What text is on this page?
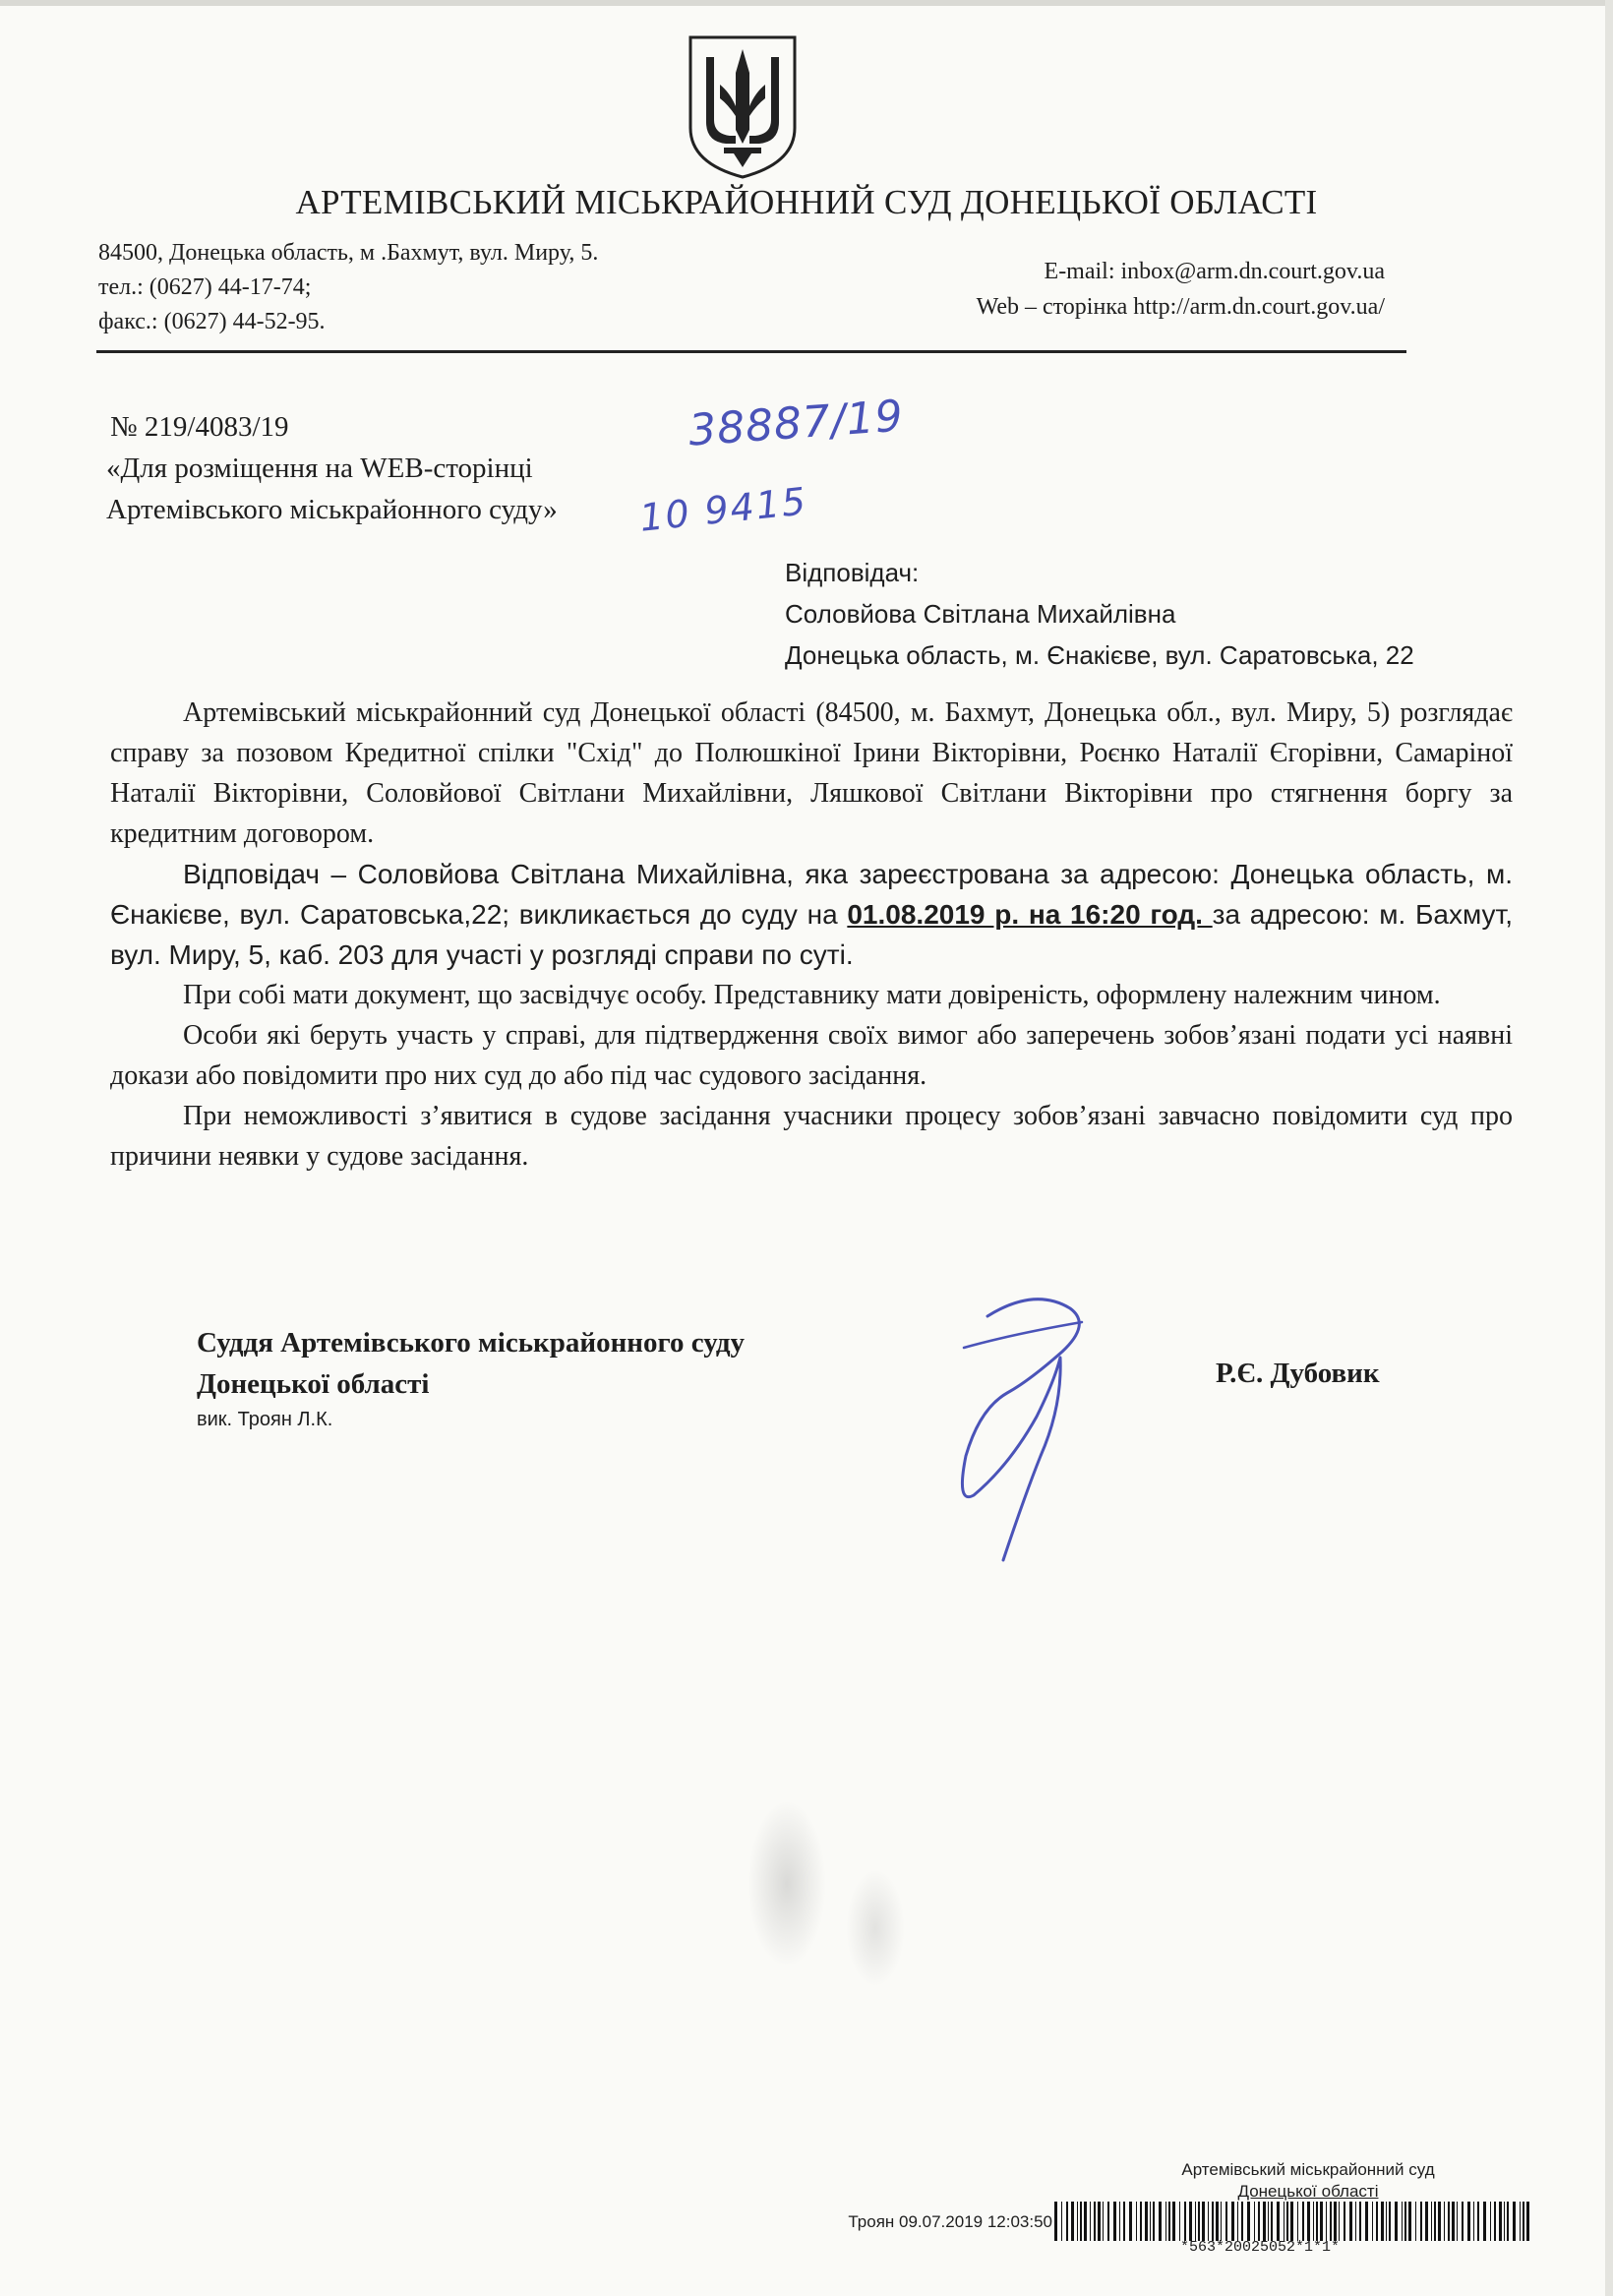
АРТЕМІВСЬКИЙ МІСЬКРАЙОННИЙ СУД ДОНЕЦЬКОЇ ОБЛАСТІ
84500, Донецька область, м .Бахмут, вул. Миру, 5.
тел.: (0627) 44-17-74;
факс.: (0627) 44-52-95.
E-mail: inbox@arm.dn.court.gov.ua
Web – сторінка http://arm.dn.court.gov.ua/
№ 219/4083/19
«Для розміщення на WEB-сторінці
Артемівського міськрайонного суду»
38887/19
10 9415
Відповідач:
Соловйова Світлана Михайлівна
Донецька область, м. Єнакієве, вул. Саратовська, 22

Артемівський міськрайонний суд Донецької області (84500, м. Бахмут, Донецька обл., вул. Миру, 5) розглядає справу за позовом Кредитної спілки "Схід" до Полюшкіної Ірини Вікторівни, Роєнко Наталії Єгорівни, Самаріної Наталії Вікторівни, Соловйової Світлани Михайлівни, Ляшкової Світлани Вікторівни про стягнення боргу за кредитним договором.

Відповідач – Соловйова Світлана Михайлівна, яка зареєстрована за адресою: Донецька область, м. Єнакієве, вул. Саратовська,22; викликається до суду на 01.08.2019 р. на 16:20 год. за адресою: м. Бахмут, вул. Миру, 5, каб. 203 для участі у розгляді справи по суті.

При собі мати документ, що засвідчує особу. Представнику мати довіреність, оформлену належним чином.

Особи які беруть участь у справі, для підтвердження своїх вимог або заперечень зобов’язані подати усі наявні докази або повідомити про них суд до або під час судового засідання.

При неможливості з’явитися в судове засідання учасники процесу зобов’язані завчасно повідомити суд про причини неявки у судове засідання.

Суддя Артемівського міськрайонного суду
Донецької області
вик. Троян Л.К.
Р.Є. Дубовик
Артемівський міськрайонний суд
Донецької області
Троян 09.07.2019 12:03:50
*563*20025052*1*1*
